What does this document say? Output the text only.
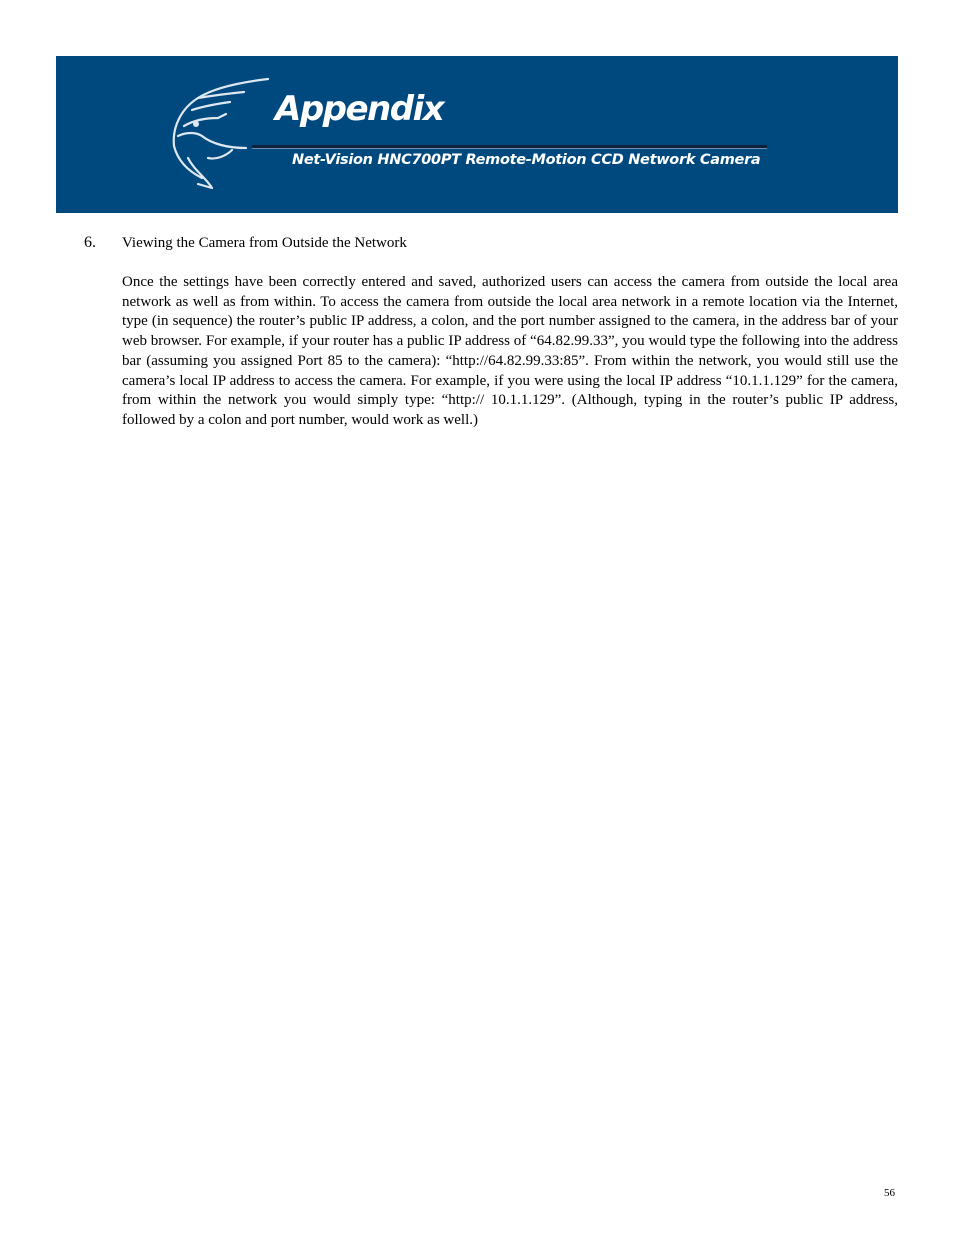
Appendix
Net-Vision HNC700PT Remote-Motion CCD Network Camera
6. Viewing the Camera from Outside the Network

Once the settings have been correctly entered and saved, authorized users can access the camera from outside the local area network as well as from within. To access the camera from outside the local area network in a remote location via the Internet, type (in sequence) the router’s public IP address, a colon, and the port number assigned to the camera, in the address bar of your web browser. For example, if your router has a public IP address of “64.82.99.33”, you would type the following into the address bar (assuming you assigned Port 85 to the camera): “http://64.82.99.33:85”. From within the network, you would still use the camera’s local IP address to access the camera. For example, if you were using the local IP address “10.1.1.129” for the camera, from within the network you would simply type: “http:// 10.1.1.129”. (Although, typing in the router’s public IP address, followed by a colon and port number, would work as well.)

56
